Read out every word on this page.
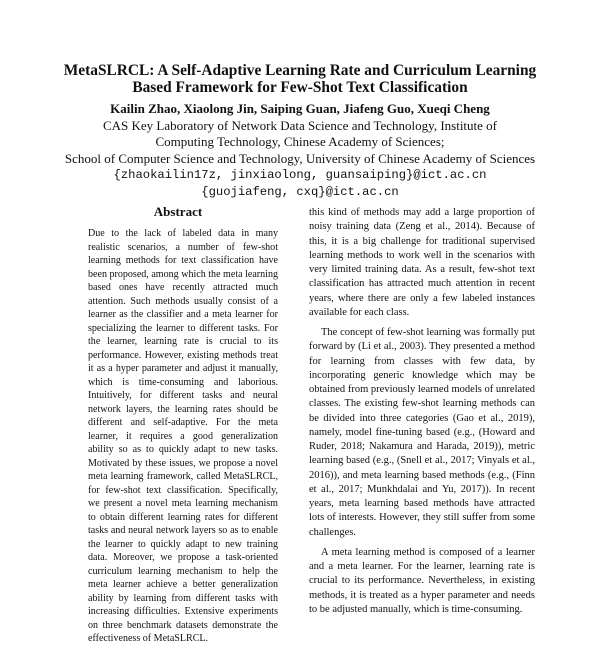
MetaSLRCL: A Self-Adaptive Learning Rate and Curriculum Learning
Based Framework for Few-Shot Text Classification
Kailin Zhao, Xiaolong Jin, Saiping Guan, Jiafeng Guo, Xueqi Cheng
CAS Key Laboratory of Network Data Science and Technology, Institute of
Computing Technology, Chinese Academy of Sciences;
School of Computer Science and Technology, University of Chinese Academy of Sciences
{zhaokailin17z, jinxiaolong, guansaiping}@ict.ac.cn
{guojiafeng, cxq}@ict.ac.cn
Abstract
Due to the lack of labeled data in many realistic scenarios, a number of few-shot learning methods for text classification have been proposed, among which the meta learning based ones have recently attracted much attention. Such methods usually consist of a learner as the classifier and a meta learner for specializing the learner to different tasks. For the learner, learning rate is crucial to its performance. However, existing methods treat it as a hyper parameter and adjust it manually, which is time-consuming and laborious. Intuitively, for different tasks and neural network layers, the learning rates should be different and self-adaptive. For the meta learner, it requires a good generalization ability so as to quickly adapt to new tasks. Motivated by these issues, we propose a novel meta learning framework, called MetaSLRCL, for few-shot text classification. Specifically, we present a novel meta learning mechanism to obtain different learning rates for different tasks and neural network layers so as to enable the learner to quickly adapt to new training data. Moreover, we propose a task-oriented curriculum learning mechanism to help the meta learner achieve a better generalization ability by learning from different tasks with increasing difficulties. Extensive experiments on three benchmark datasets demonstrate the effectiveness of MetaSLRCL.

this kind of methods may add a large proportion of noisy training data (Zeng et al., 2014). Because of this, it is a big challenge for traditional supervised learning methods to work well in the scenarios with very limited training data. As a result, few-shot text classification has attracted much attention in recent years, where there are only a few labeled instances available for each class.

The concept of few-shot learning was formally put forward by (Li et al., 2003). They presented a method for learning from classes with few data, by incorporating generic knowledge which may be obtained from previously learned models of unrelated classes. The existing few-shot learning methods can be divided into three categories (Gao et al., 2019), namely, model fine-tuning based (e.g., (Howard and Ruder, 2018; Nakamura and Harada, 2019)), metric learning based (e.g., (Snell et al., 2017; Vinyals et al., 2016)), and meta learning based methods (e.g., (Finn et al., 2017; Munkhdalai and Yu, 2017)). In recent years, meta learning based methods have attracted lots of interests. However, they still suffer from some challenges.

A meta learning method is composed of a learner and a meta learner. For the learner, learning rate is crucial to its performance. Nevertheless, in existing methods, it is treated as a hyper parameter and needs to be adjusted manually, which is time-consuming.
